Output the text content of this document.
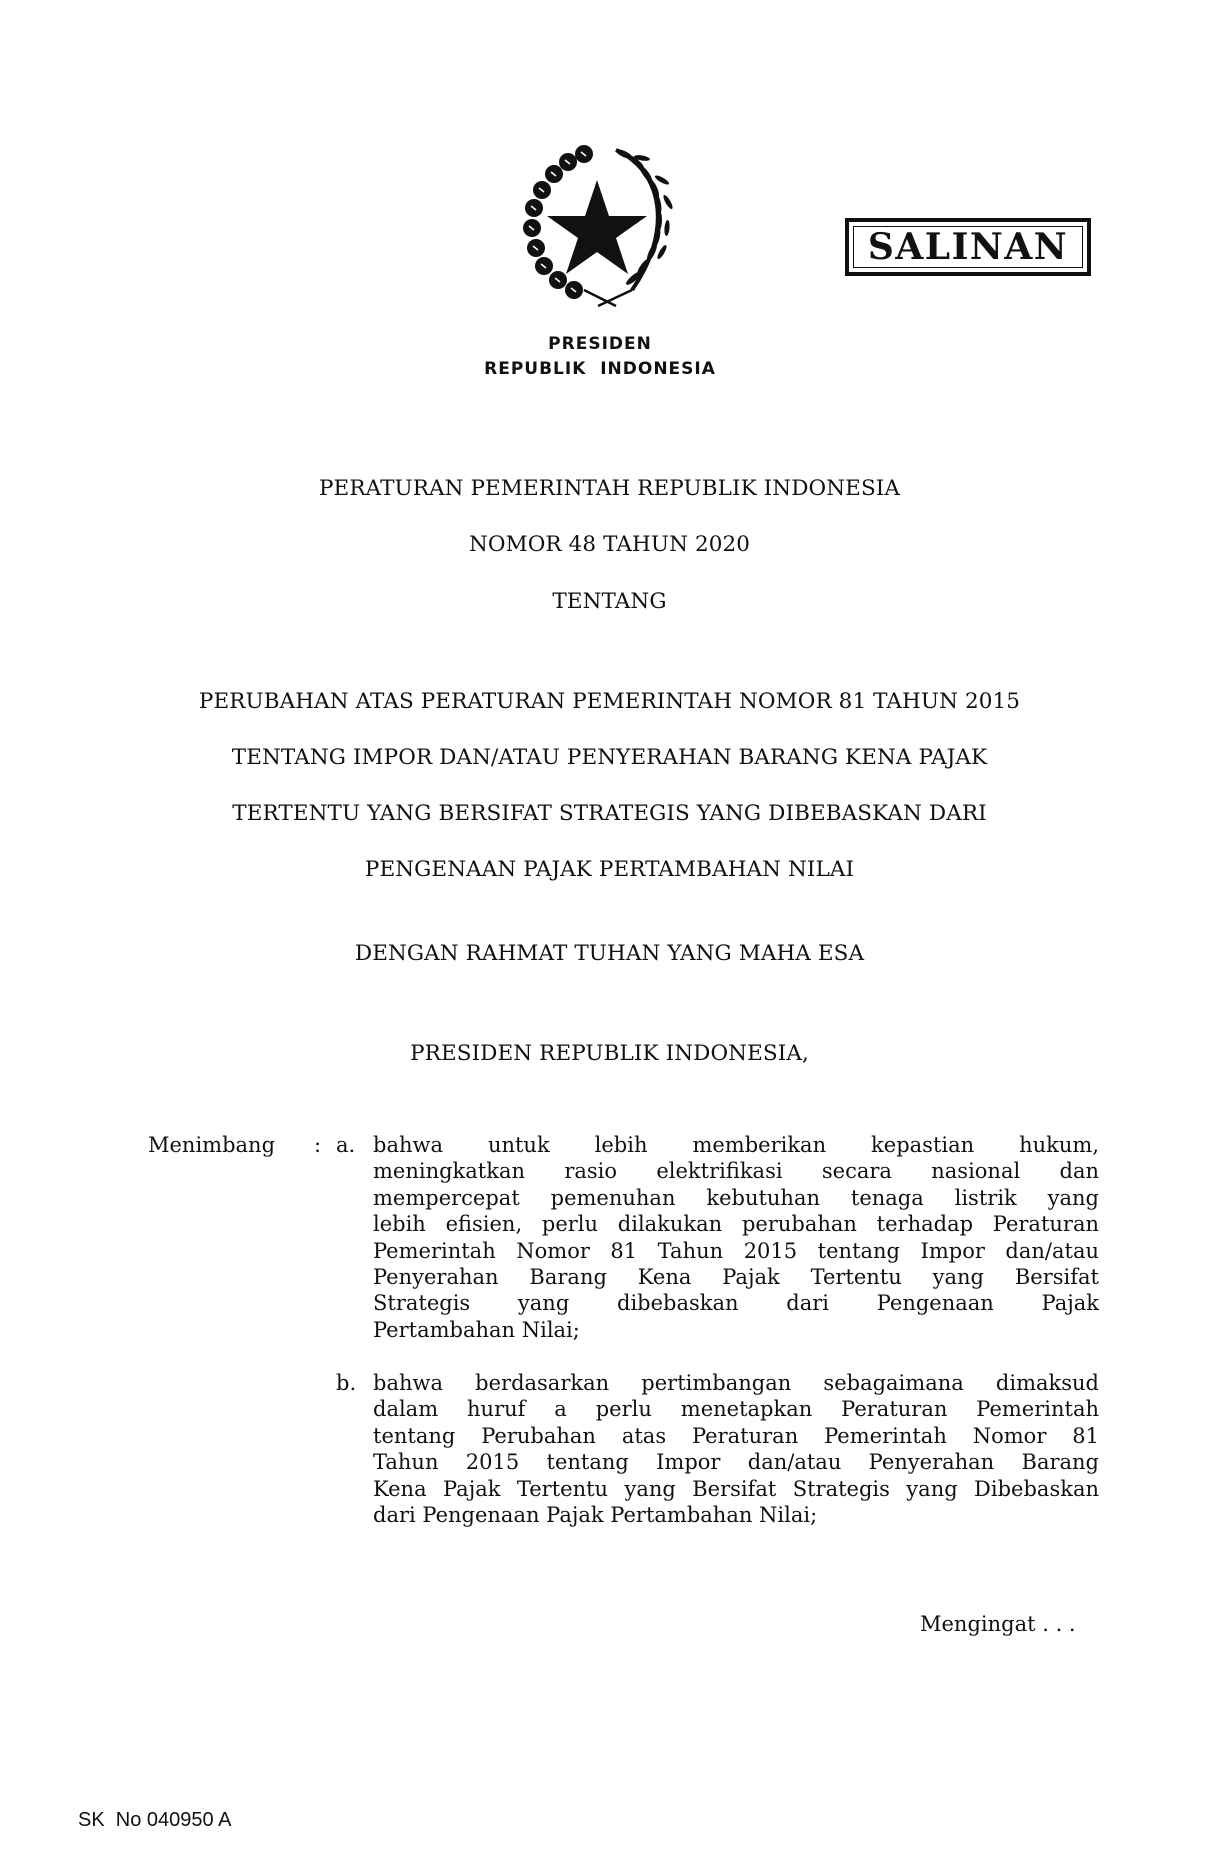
SALINAN
PRESIDEN
REPUBLIK  INDONESIA
PERATURAN PEMERINTAH REPUBLIK INDONESIA
NOMOR 48 TAHUN 2020
TENTANG
PERUBAHAN ATAS PERATURAN PEMERINTAH NOMOR 81 TAHUN 2015
TENTANG IMPOR DAN/ATAU PENYERAHAN BARANG KENA PAJAK
TERTENTU YANG BERSIFAT STRATEGIS YANG DIBEBASKAN DARI
PENGENAAN PAJAK PERTAMBAHAN NILAI
DENGAN RAHMAT TUHAN YANG MAHA ESA
PRESIDEN REPUBLIK INDONESIA,
Menimbang : a. bahwa untuk lebih memberikan kepastian hukum,
meningkatkan rasio elektrifikasi secara nasional dan
mempercepat pemenuhan kebutuhan tenaga listrik yang
lebih efisien, perlu dilakukan perubahan terhadap Peraturan
Pemerintah Nomor 81 Tahun 2015 tentang Impor dan/atau
Penyerahan Barang Kena Pajak Tertentu yang Bersifat
Strategis yang dibebaskan dari Pengenaan Pajak
Pertambahan Nilai;
b. bahwa berdasarkan pertimbangan sebagaimana dimaksud
dalam huruf a perlu menetapkan Peraturan Pemerintah
tentang Perubahan atas Peraturan Pemerintah Nomor 81
Tahun 2015 tentang Impor dan/atau Penyerahan Barang
Kena Pajak Tertentu yang Bersifat Strategis yang Dibebaskan
dari Pengenaan Pajak Pertambahan Nilai;
Mengingat . . .
SK  No 040950 A
